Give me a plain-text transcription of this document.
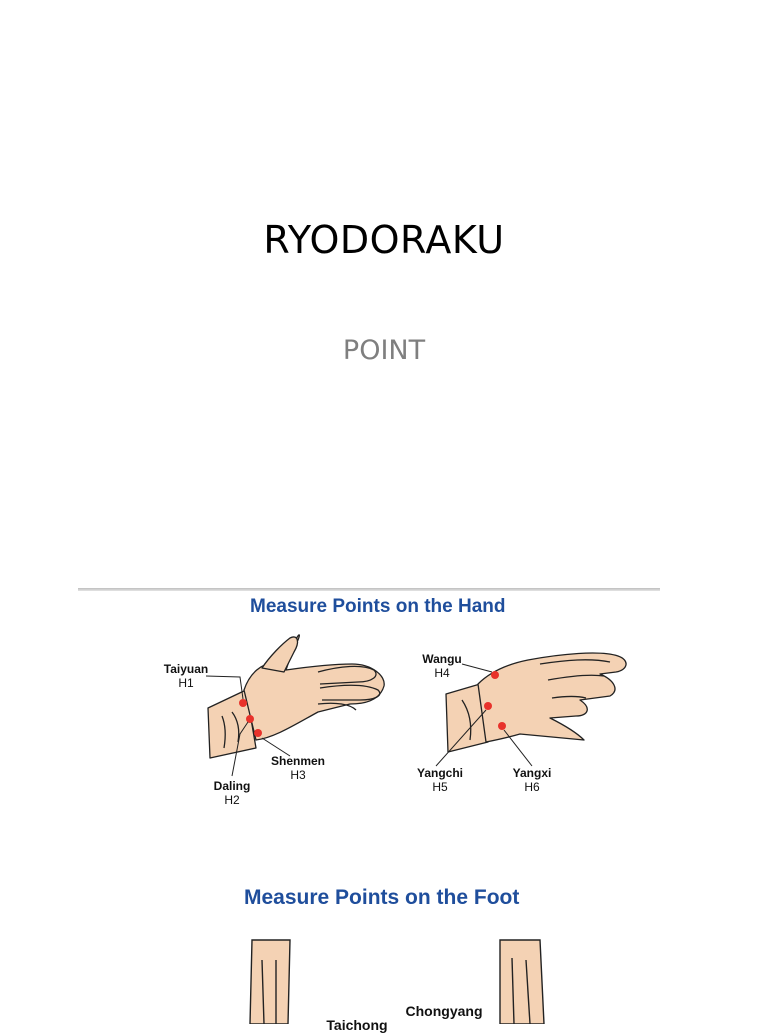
RYODORAKU
POINT
Measure Points on the Hand
Taiyuan
H1
Daling
H2
Shenmen
H3
Wangu
H4
Yangchi
H5
Yangxi
H6
Measure Points on the Foot
Chongyang
Taichong
